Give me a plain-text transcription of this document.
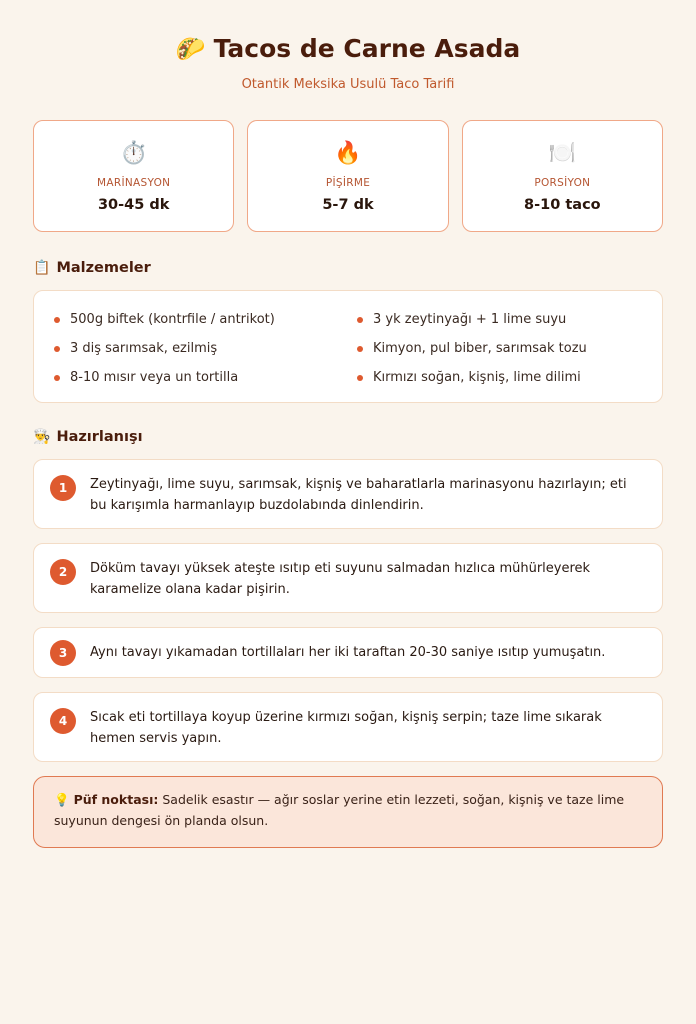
🌮 Tacos de Carne Asada
Otantik Meksika Usulü Taco Tarifi
⏱️
MARİNASYON
30-45 dk
🔥
PİŞİRME
5-7 dk
🍽️
PORSİYON
8-10 taco
📋 Malzemeler
500g biftek (kontrfile / antrikot)	3 yk zeytinyağı + 1 lime suyu
3 diş sarımsak, ezilmiş	Kimyon, pul biber, sarımsak tozu
8-10 mısır veya un tortilla	Kırmızı soğan, kişniş, lime dilimi
👨‍🍳 Hazırlanışı
1	Zeytinyağı, lime suyu, sarımsak, kişniş ve baharatlarla marinasyonu hazırlayın; eti bu karışımla harmanlayıp buzdolabında dinlendirin.
2	Döküm tavayı yüksek ateşte ısıtıp eti suyunu salmadan hızlıca mühürleyerek karamelize olana kadar pişirin.
3	Aynı tavayı yıkamadan tortillaları her iki taraftan 20-30 saniye ısıtıp yumuşatın.
4	Sıcak eti tortillaya koyup üzerine kırmızı soğan, kişniş serpin; taze lime sıkarak hemen servis yapın.
💡 Püf noktası: Sadelik esastır — ağır soslar yerine etin lezzeti, soğan, kişniş ve taze lime suyunun dengesi ön planda olsun.
